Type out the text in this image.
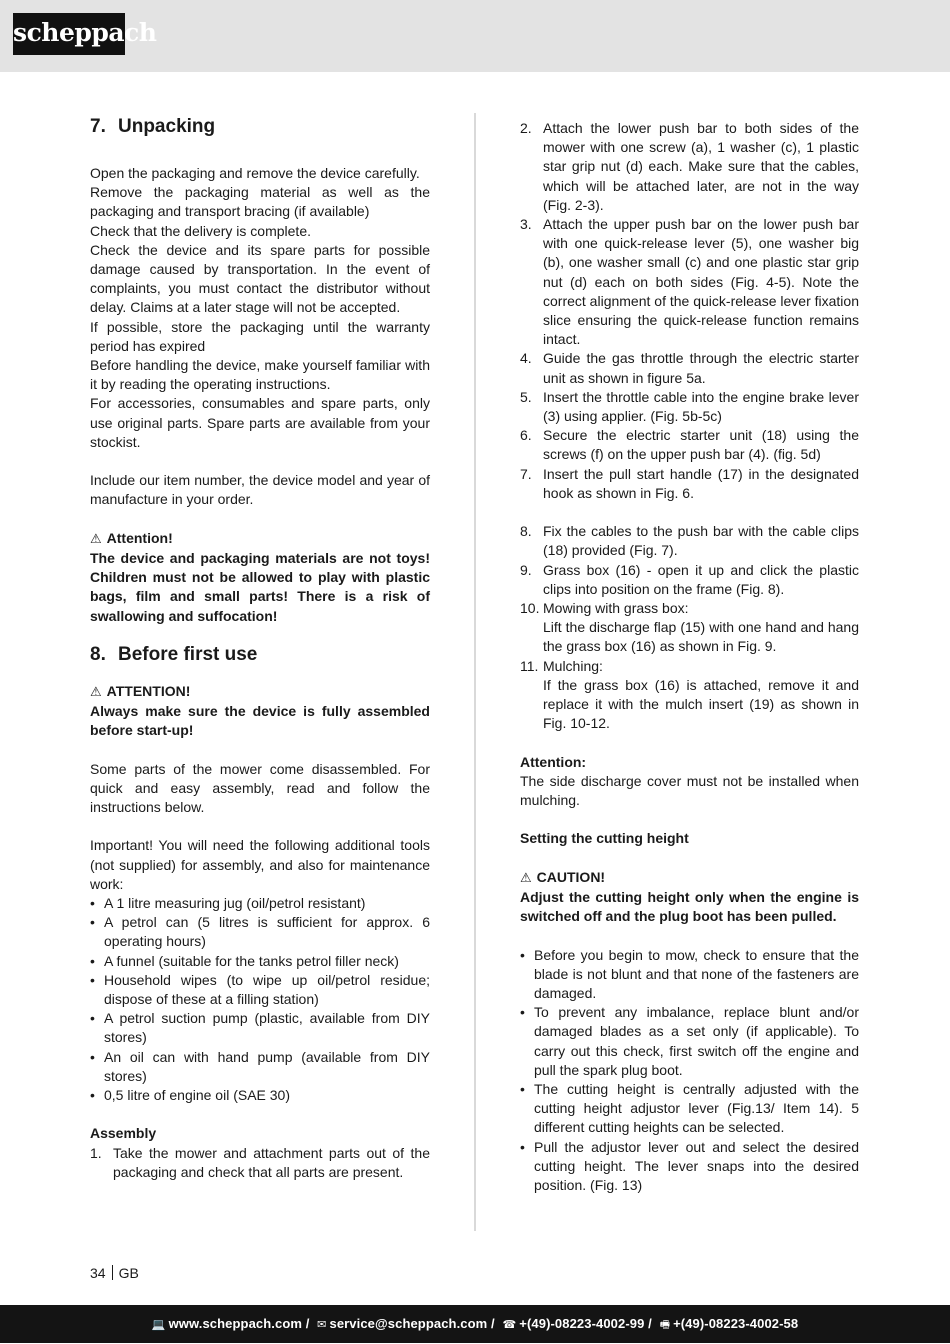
scheppach
7. Unpacking

Open the packaging and remove the device carefully.

Remove the packaging material as well as the packaging and transport bracing (if available)

Check that the delivery is complete.

Check the device and its spare parts for possible damage caused by transportation. In the event of complaints, you must contact the distributor without delay. Claims at a later stage will not be accepted.

If possible, store the packaging until the warranty period has expired

Before handling the device, make yourself familiar with it by reading the operating instructions.

For accessories, consumables and spare parts, only use original parts. Spare parts are available from your stockist.

Include our item number, the device model and year of manufacture in your order.

⚠ Attention!

The device and packaging materials are not toys! Children must not be allowed to play with plastic bags, film and small parts! There is a risk of swallowing and suffocation!

8. Before first use

⚠ ATTENTION!

Always make sure the device is fully assembled before start-up!

Some parts of the mower come disassembled. For quick and easy assembly, read and follow the instructions below.

Important! You will need the following additional tools (not supplied) for assembly, and also for maintenance work:

• A 1 litre measuring jug (oil/petrol resistant)
• A petrol can (5 litres is sufficient for approx. 6 operating hours)
• A funnel (suitable for the tanks petrol filler neck)
• Household wipes (to wipe up oil/petrol residue; dispose of these at a filling station)
• A petrol suction pump (plastic, available from DIY stores)
• An oil can with hand pump (available from DIY stores)
• 0,5 litre of engine oil (SAE 30)

Assembly

1. Take the mower and attachment parts out of the packaging and check that all parts are present.
2. Attach the lower push bar to both sides of the mower with one screw (a), 1 washer (c), 1 plastic star grip nut (d) each. Make sure that the cables, which will be attached later, are not in the way (Fig. 2-3).
3. Attach the upper push bar on the lower push bar with one quick-release lever (5), one washer big (b), one washer small (c) and one plastic star grip nut (d) each on both sides (Fig. 4-5). Note the correct alignment of the quick-release lever fixation slice ensuring the quick-release function remains intact.
4. Guide the gas throttle through the electric starter unit as shown in figure 5a.
5. Insert the throttle cable into the engine brake lever (3) using applier. (Fig. 5b-5c)
6. Secure the electric starter unit (18) using the screws (f) on the upper push bar (4). (fig. 5d)
7. Insert the pull start handle (17) in the designated hook as shown in Fig. 6.
8. Fix the cables to the push bar with the cable clips (18) provided (Fig. 7).
9. Grass box (16) - open it up and click the plastic clips into position on the frame (Fig. 8).
10. Mowing with grass box:
Lift the discharge flap (15) with one hand and hang the grass box (16) as shown in Fig. 9.
11. Mulching:
If the grass box (16) is attached, remove it and replace it with the mulch insert (19) as shown in Fig. 10-12.

Attention:

The side discharge cover must not be installed when mulching.

Setting the cutting height

⚠ CAUTION!

Adjust the cutting height only when the engine is switched off and the plug boot has been pulled.

• Before you begin to mow, check to ensure that the blade is not blunt and that none of the fasteners are damaged.
• To prevent any imbalance, replace blunt and/or damaged blades as a set only (if applicable). To carry out this check, first switch off the engine and pull the spark plug boot.
• The cutting height is centrally adjusted with the cutting height adjustor lever (Fig.13/ Item 14). 5 different cutting heights can be selected.
• Pull the adjustor lever out and select the desired cutting height. The lever snaps into the desired position. (Fig. 13)
34 GB
💻 www.scheppach.com / ✉ service@scheppach.com / ☎ +(49)-08223-4002-99 / 🖷 +(49)-08223-4002-58
